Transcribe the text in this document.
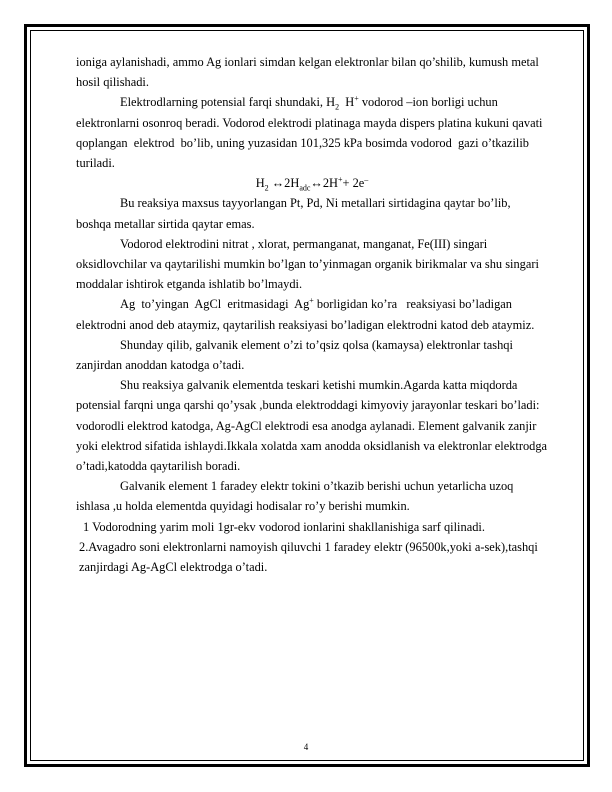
ioniga aylanishadi, ammo Ag ionlari simdan kelgan elektronlar bilan qo’shilib, kumush metal hosil qilishadi.

Elektrodlarning potensial farqi shundaki, $H_2$  H+ vodorod –ion borligi uchun elektronlarni osonroq beradi. Vodorod elektrodi platinaga mayda dispers platina kukuni qavati qoplangan  elektrod  bo’lib, uning yuzasidan 101,325 kPa bosimda vodorod  gazi o’tkazilib turiladi.

$H_2$ $\leftrightarrow 2H_{adc}\leftrightarrow 2H^++ 2e^-$

Bu reaksiya maxsus tayyorlangan Pt, Pd, Ni metallari sirtidagina qaytar bo’lib, boshqa metallar sirtida qaytar emas.

Vodorod elektrodini nitrat , xlorat, permanganat, manganat, Fe(III) singari oksidlovchilar va qaytarilishi mumkin bo’lgan to’yinmagan organik birikmalar va shu singari moddalar ishtirok etganda ishlatib bo’lmaydi.

Ag  to’yingan  AgCl  eritmasidagi  Ag+ borligidan ko’ra   reaksiyasi bo’ladigan elektrodni anod deb ataymiz, qaytarilish reaksiyasi bo’ladigan elektrodni katod deb ataymiz.

Shunday qilib, galvanik element o’zi to’qsiz qolsa (kamaysa) elektronlar tashqi zanjirdan anoddan katodga o’tadi.

Shu reaksiya galvanik elementda teskari ketishi mumkin.Agarda katta miqdorda potensial farqni unga qarshi qo’ysak ,bunda elektroddagi kimyoviy jarayonlar teskari bo’ladi: vodorodli elektrod katodga, Ag-AgCl elektrodi esa anodga aylanadi. Element galvanik zanjir yoki elektrod sifatida ishlaydi.Ikkala xolatda xam anodda oksidlanish va elektronlar elektrodga o’tadi,katodda qaytarilish boradi.

Galvanik element 1 faradey elektr tokini o’tkazib berishi uchun yetarlicha uzoq ishlasa ,u holda elementda quyidagi hodisalar ro’y berishi mumkin.

1 Vodorodning yarim moli 1gr-ekv vodorod ionlarini shakllanishiga sarf qilinadi.

2.Avagadro soni elektronlarni namoyish qiluvchi 1 faradey elektr (96500k,yoki a-sek),tashqi zanjirdagi Ag-AgCl elektrodga o’tadi.

4
